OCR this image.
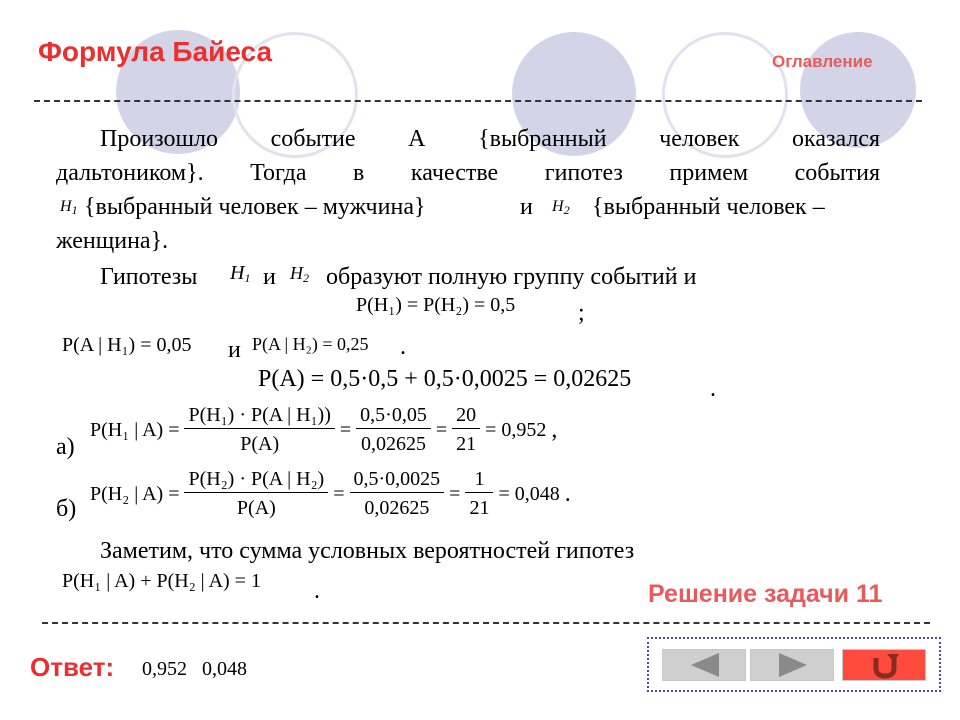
Формула Байеса	Оглавление
Произошло событие А {выбранный человек оказался
дальтоником}. Тогда в качестве гипотез примем события
$H_1$ {выбранный человек – мужчина}	и $H_2$ {выбранный человек –
женщина}.
Гипотезы $H_1$ и $H_2$ образуют полную группу событий и
P(H₁) = P(H₂) = 0,5	;
P(A | H₁) = 0,05 и P(A | H₂) = 0,25 .
P(A) = 0,5·0,5 + 0,5·0,0025 = 0,02625	.
а)
P(H₁ | $A) = \frac{\text{P(H₁) · P(A | H₁))}}{P(A)} = \frac{0,5\cdot 0,05}{0,02625} = \frac{20}{21} = 0,952$ ,
б)
P(H₂ | $A) = \frac{\text{P(H₂) · P(A | H₂)}}{P(A)} = \frac{0,5\cdot 0,0025}{0,02625} = \frac{1}{21} = 0,048$ .
Заметим, что сумма условных вероятностей гипотез
P(H₁ | A) + P(H₂ | A) = 1 .	Решение задачи 11
Ответ: 0,952   0,048
